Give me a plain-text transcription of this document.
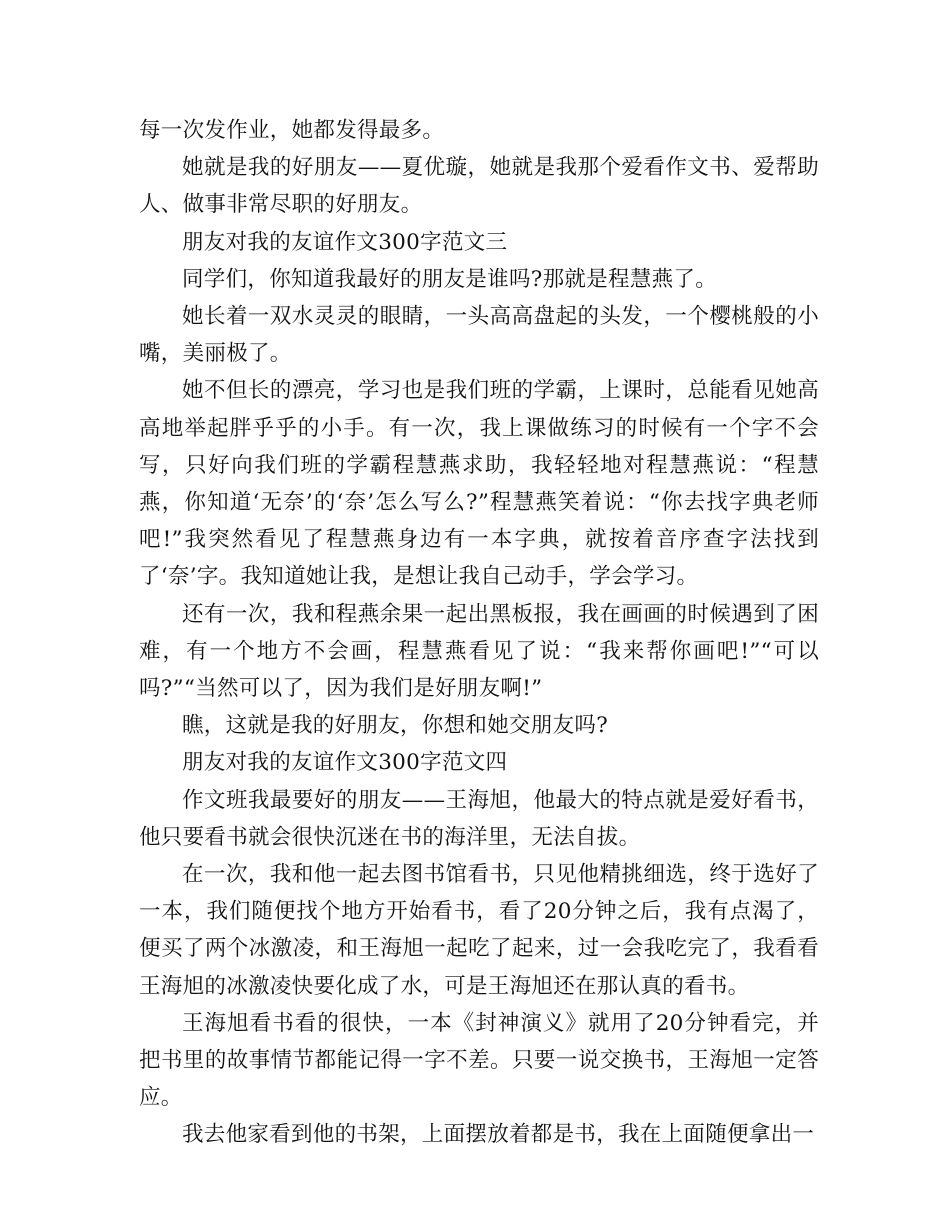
每一次发作业，她都发得最多。

她就是我的好朋友——夏优璇，她就是我那个爱看作文书、爱帮助人、做事非常尽职的好朋友。

朋友对我的友谊作文300字范文三

同学们，你知道我最好的朋友是谁吗?那就是程慧燕了。

她长着一双水灵灵的眼睛，一头高高盘起的头发，一个樱桃般的小嘴，美丽极了。

她不但长的漂亮，学习也是我们班的学霸，上课时，总能看见她高高地举起胖乎乎的小手。有一次，我上课做练习的时候有一个字不会写，只好向我们班的学霸程慧燕求助，我轻轻地对程慧燕说：“程慧燕，你知道‘无奈’的‘奈’怎么写么?”程慧燕笑着说：“你去找字典老师吧!”我突然看见了程慧燕身边有一本字典，就按着音序查字法找到了‘奈’字。我知道她让我，是想让我自己动手，学会学习。

还有一次，我和程燕余果一起出黑板报，我在画画的时候遇到了困难，有一个地方不会画，程慧燕看见了说：“我来帮你画吧!”“可以吗?”“当然可以了，因为我们是好朋友啊!”

瞧，这就是我的好朋友，你想和她交朋友吗?

朋友对我的友谊作文300字范文四

作文班我最要好的朋友——王海旭，他最大的特点就是爱好看书，他只要看书就会很快沉迷在书的海洋里，无法自拔。

在一次，我和他一起去图书馆看书，只见他精挑细选，终于选好了一本，我们随便找个地方开始看书，看了20分钟之后，我有点渴了，便买了两个冰激凌，和王海旭一起吃了起来，过一会我吃完了，我看看王海旭的冰激凌快要化成了水，可是王海旭还在那认真的看书。

王海旭看书看的很快，一本《封神演义》就用了20分钟看完，并把书里的故事情节都能记得一字不差。只要一说交换书，王海旭一定答应。

我去他家看到他的书架，上面摆放着都是书，我在上面随便拿出一
